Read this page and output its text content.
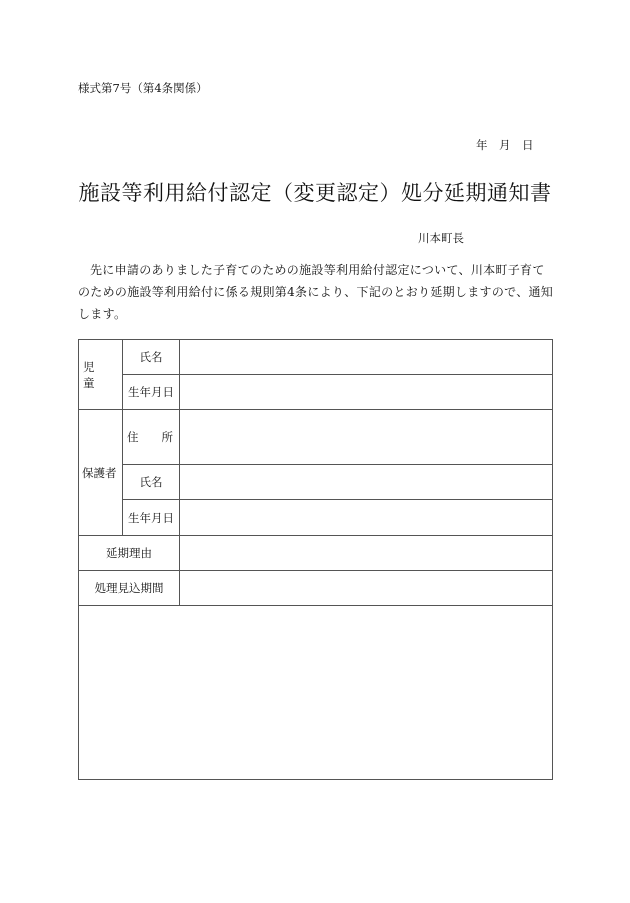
様式第7号（第4条関係）
年　月　日
施設等利用給付認定（変更認定）処分延期通知書
川本町長
先に申請のありました子育てのための施設等利用給付認定について、川本町子育てのための施設等利用給付に係る規則第4条により、下記のとおり延期しますので、通知します。
児　童	氏名	
	生年月日	

保護者	住 所	

	氏名	
	生年月日	
延期理由		
処理見込期間		
